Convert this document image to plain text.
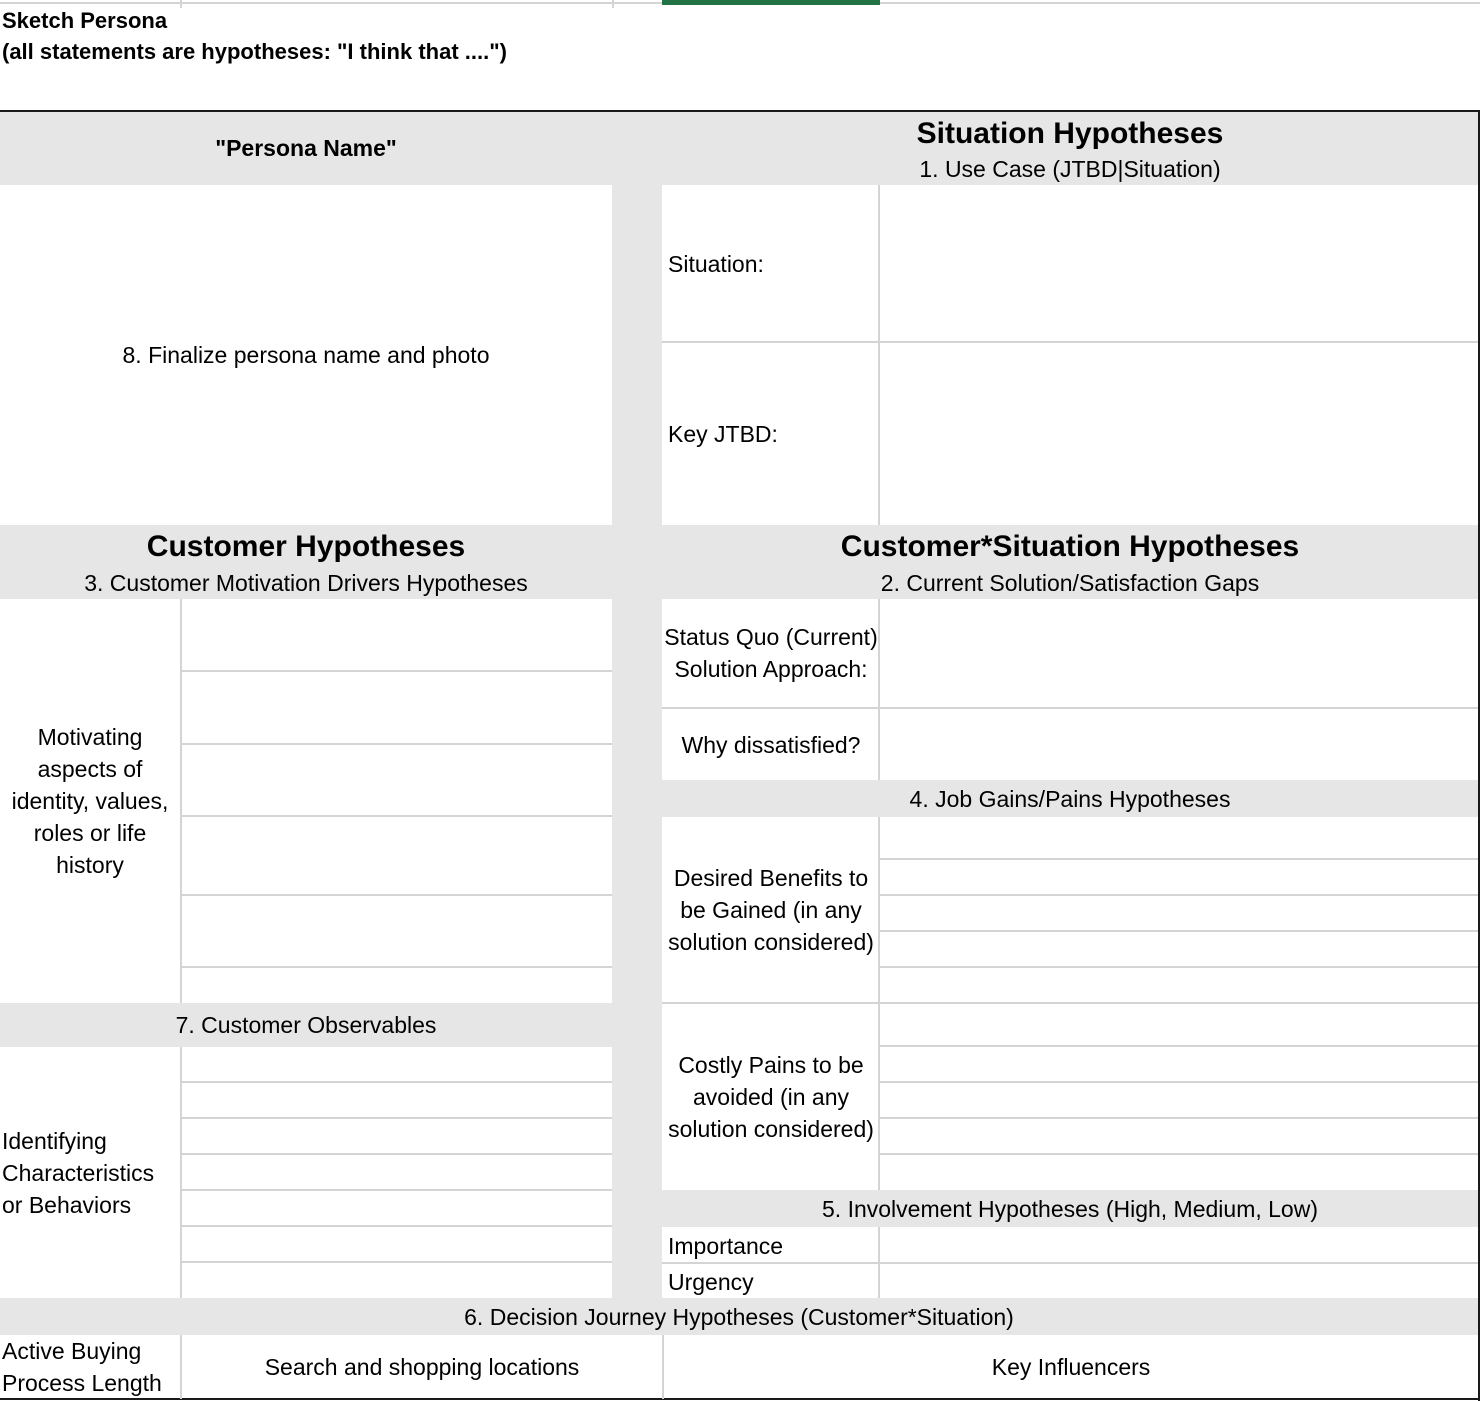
Sketch Persona
(all statements are hypotheses: "I think that ....")
"Persona Name"	Situation Hypotheses
1. Use Case (JTBD|Situation)
8. Finalize persona name and photo
Situation:
Key JTBD:
Customer Hypotheses
3. Customer Motivation Drivers Hypotheses
Customer*Situation Hypotheses
2. Current Solution/Satisfaction Gaps
Motivating aspects of identity, values, roles or life history
Status Quo (Current) Solution Approach:
Why dissatisfied?
4. Job Gains/Pains Hypotheses
Desired Benefits to be Gained (in any solution considered)
7. Customer Observables
Identifying Characteristics or Behaviors
Costly Pains to be avoided (in any solution considered)
5. Involvement Hypotheses (High, Medium, Low)
Importance
Urgency
6. Decision Journey Hypotheses (Customer*Situation)
Active Buying Process Length
Search and shopping locations	Key Influencers
